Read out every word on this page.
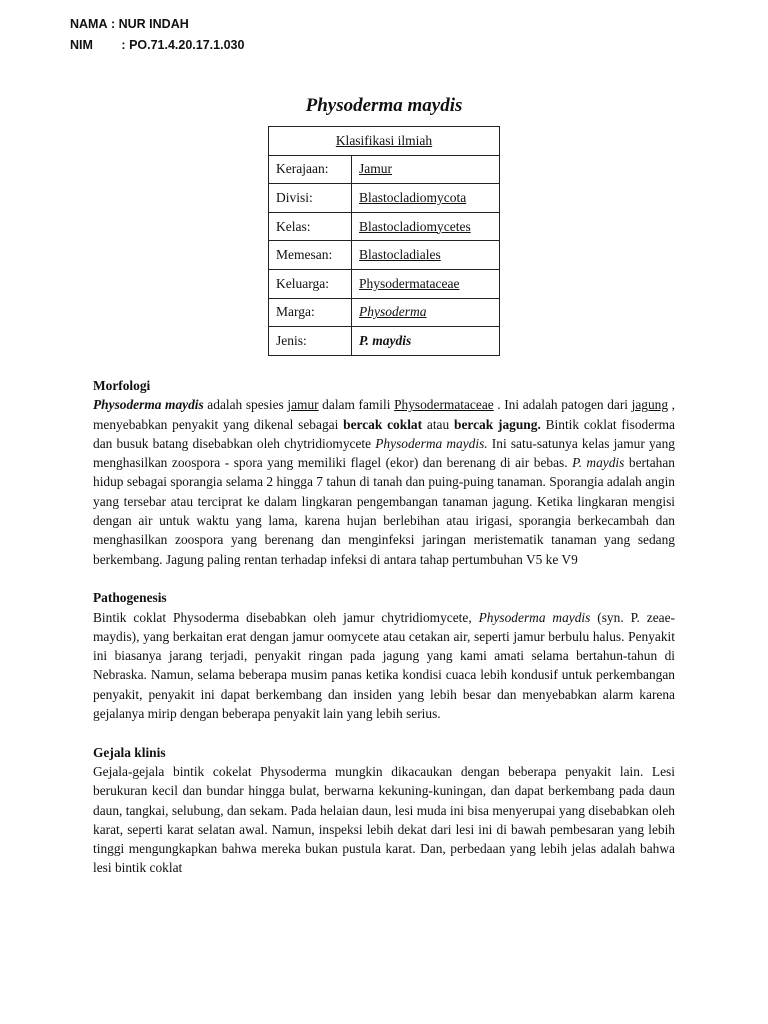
NAMA : NUR INDAH
NIM	: PO.71.4.20.17.1.030
Physoderma maydis
Klasifikasi ilmiah	
Kerajaan:	Jamur
Divisi:	Blastocladiomycota
Kelas:	Blastocladiomycetes
Memesan:	Blastocladiales
Keluarga:	Physodermataceae
Marga:	Physoderma
Jenis:	P. maydis
Morfologi

Physoderma maydis adalah spesies jamur dalam famili Physodermataceae . Ini adalah patogen dari jagung , menyebabkan penyakit yang dikenal sebagai bercak coklat atau bercak jagung. Bintik coklat fisoderma dan busuk batang disebabkan oleh chytridiomycete Physoderma maydis. Ini satu-satunya kelas jamur yang menghasilkan zoospora - spora yang memiliki flagel (ekor) dan berenang di air bebas. P. maydis bertahan hidup sebagai sporangia selama 2 hingga 7 tahun di tanah dan puing-puing tanaman. Sporangia adalah angin yang tersebar atau terciprat ke dalam lingkaran pengembangan tanaman jagung. Ketika lingkaran mengisi dengan air untuk waktu yang lama, karena hujan berlebihan atau irigasi, sporangia berkecambah dan menghasilkan zoospora yang berenang dan menginfeksi jaringan meristematik tanaman yang sedang berkembang. Jagung paling rentan terhadap infeksi di antara tahap pertumbuhan V5 ke V9

Pathogenesis

Bintik coklat Physoderma disebabkan oleh jamur chytridiomycete, Physoderma maydis (syn. P. zeae-maydis), yang berkaitan erat dengan jamur oomycete atau cetakan air, seperti jamur berbulu halus. Penyakit ini biasanya jarang terjadi, penyakit ringan pada jagung yang kami amati selama bertahun-tahun di Nebraska. Namun, selama beberapa musim panas ketika kondisi cuaca lebih kondusif untuk perkembangan penyakit, penyakit ini dapat berkembang dan insiden yang lebih besar dan menyebabkan alarm karena gejalanya mirip dengan beberapa penyakit lain yang lebih serius.

Gejala klinis

Gejala-gejala bintik cokelat Physoderma mungkin dikacaukan dengan beberapa penyakit lain. Lesi berukuran kecil dan bundar hingga bulat, berwarna kekuning-kuningan, dan dapat berkembang pada daun daun, tangkai, selubung, dan sekam. Pada helaian daun, lesi muda ini bisa menyerupai yang disebabkan oleh karat, seperti karat selatan awal. Namun, inspeksi lebih dekat dari lesi ini di bawah pembesaran yang lebih tinggi mengungkapkan bahwa mereka bukan pustula karat. Dan, perbedaan yang lebih jelas adalah bahwa lesi bintik coklat
